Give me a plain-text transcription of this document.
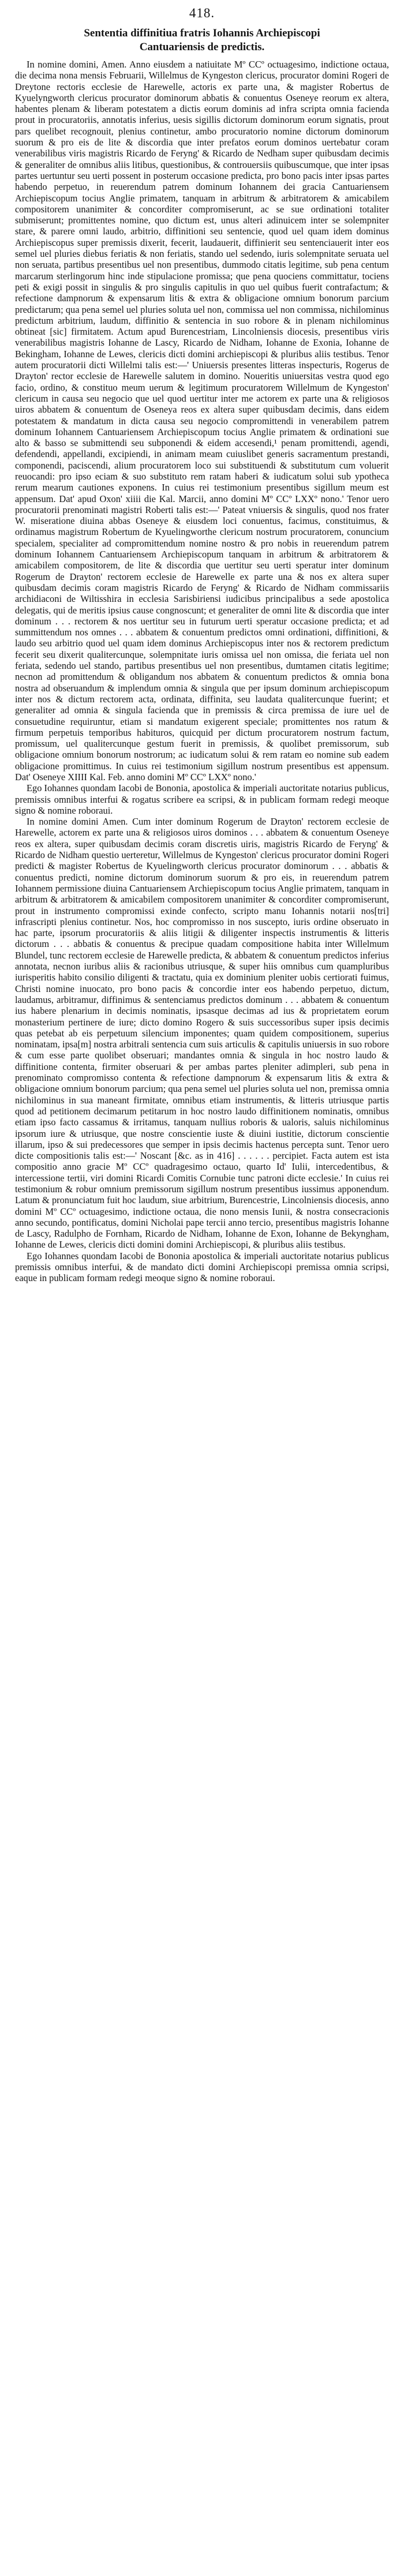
418.
Sententia diffinitiua fratris Iohannis Archiepiscopi
Cantuariensis de predictis.

In nomine domini, Amen. Anno eiusdem a natiuitate Mº CCº octuagesimo, indictione octaua, die decima nona mensis Februarii, Willelmus de Kyngeston clericus, procurator domini Rogeri de Dreytone rectoris ecclesie de Harewelle, actoris ex parte una, & magister Robertus de Kyuelyngworth clericus procurator dominorum abbatis & conuentus Oseneye reorum ex altera, habentes plenam & liberam potestatem a dictis eorum dominis ad infra scripta omnia facienda prout in procuratoriis, annotatis inferius, uesis sigillis dictorum dominorum eorum signatis, prout pars quelibet recognouit, plenius continetur, ambo procuratorio nomine dictorum dominorum suorum & pro eis de lite & discordia que inter prefatos eorum dominos uertebatur coram venerabilibus viris magistris Ricardo de Feryng' & Ricardo de Nedham super quibusdam decimis & generaliter de omnibus aliis litibus, questionibus, & controuersiis quibuscumque, que inter ipsas partes uertuntur seu uerti possent in posterum occasione predicta, pro bono pacis inter ipsas partes habendo perpetuo, in reuerendum patrem dominum Iohannem dei gracia Cantuariensem Archiepiscopum tocius Anglie primatem, tanquam in arbitrum & arbitratorem & amicabilem compositorem unanimiter & concorditer compromiserunt, ac se sue ordinationi totaliter submiserunt; promittentes nomine, quo dictum est, unus alteri adinuicem inter se solempniter stare, & parere omni laudo, arbitrio, diffinitioni seu sentencie, quod uel quam idem dominus Archiepiscopus super premissis dixerit, fecerit, laudauerit, diffinierit seu sentenciauerit inter eos semel uel pluries diebus feriatis & non feriatis, stando uel sedendo, iuris solempnitate seruata uel non seruata, partibus presentibus uel non presentibus, dummodo citatis legitime, sub pena centum marcarum sterlingorum hinc inde stipulacione promissa; que pena quociens committatur, tociens peti & exigi possit in singulis & pro singulis capitulis in quo uel quibus fuerit contrafactum; & refectione dampnorum & expensarum litis & extra & obligacione omnium bonorum parcium predictarum; qua pena semel uel pluries soluta uel non, commissa uel non commissa, nichilominus predictum arbitrium, laudum, diffinitio & sentencia in suo robore & in plenam nichilominus obtineat [sic] firmitatem. Actum apud Burencestriam, Lincolniensis diocesis, presentibus viris venerabilibus magistris Iohanne de Lascy, Ricardo de Nidham, Iohanne de Exonia, Iohanne de Bekingham, Iohanne de Lewes, clericis dicti domini archiepiscopi & pluribus aliis testibus. Tenor autem procuratorii dicti Willelmi talis est:—' Uniuersis presentes litteras inspecturis, Rogerus de Drayton' rector ecclesie de Harewelle salutem in domino. Noueritis uniuersitas vestra quod ego facio, ordino, & constituo meum uerum & legitimum procuratorem Willelmum de Kyngeston' clericum in causa seu negocio que uel quod uertitur inter me actorem ex parte una & religiosos uiros abbatem & conuentum de Oseneya reos ex altera super quibusdam decimis, dans eidem potestatem & mandatum in dicta causa seu negocio compromittendi in venerabilem patrem dominum Iohannem Cantuariensem Archiepiscopum tocius Anglie primatem & ordinationi sue alto & basso se submittendi seu subponendi & eidem accesendi,¹ penam promittendi, agendi, defendendi, appellandi, excipiendi, in animam meam cuiuslibet generis sacramentum prestandi, componendi, paciscendi, alium procuratorem loco sui substituendi & substitutum cum voluerit reuocandi: pro ipso eciam & suo substituto rem ratam haberi & iudicatum solui sub ypotheca rerum mearum cautiones exponens. In cuius rei testimonium presentibus sigillum meum est appensum. Dat' apud Oxon' xiiii die Kal. Marcii, anno domini Mº CCº LXXº nono.' Tenor uero procuratorii prenominati magistri Roberti talis est:—' Pateat vniuersis & singulis, quod nos frater W. miseratione diuina abbas Oseneye & eiusdem loci conuentus, facimus, constituimus, & ordinamus magistrum Robertum de Kyuelingworthe clericum nostrum procuratorem, conuncium specialem, specialiter ad compromittendum nomine nostro & pro nobis in reuerendum patrem dominum Iohannem Cantuariensem Archiepiscopum tanquam in arbitrum & arbitratorem & amicabilem compositorem, de lite & discordia que uertitur seu uerti speratur inter dominum Rogerum de Drayton' rectorem ecclesie de Harewelle ex parte una & nos ex altera super quibusdam decimis coram magistris Ricardo de Feryng' & Ricardo de Nidham commissariis archidiaconi de Wiltisshira in ecclesia Sarisbiriensi iudicibus principalibus a sede apostolica delegatis, qui de meritis ipsius cause congnoscunt; et generaliter de omni lite & discordia que inter dominum . . . rectorem & nos uertitur seu in futurum uerti speratur occasione predicta; et ad summittendum nos omnes . . . abbatem & conuentum predictos omni ordinationi, diffinitioni, & laudo seu arbitrio quod uel quam idem dominus Archiepiscopus inter nos & rectorem predictum fecerit seu dixerit qualitercunque, solempnitate iuris omissa uel non omissa, die feriata uel non feriata, sedendo uel stando, partibus presentibus uel non presentibus, dumtamen citatis legitime; necnon ad promittendum & obligandum nos abbatem & conuentum predictos & omnia bona nostra ad obseruandum & implendum omnia & singula que per ipsum dominum archiepiscopum inter nos & dictum rectorem acta, ordinata, diffinita, seu laudata qualitercunque fuerint; et generaliter ad omnia & singula facienda que in premissis & circa premissa de iure uel de consuetudine requiruntur, etiam si mandatum exigerent speciale; promittentes nos ratum & firmum perpetuis temporibus habituros, quicquid per dictum procuratorem nostrum factum, promissum, uel qualitercunque gestum fuerit in premissis, & quolibet premissorum, sub obligacione omnium bonorum nostrorum; ac iudicatum solui & rem ratam eo nomine sub eadem obligacione promittimus. In cuius rei testimonium sigillum nostrum presentibus est appensum. Dat' Oseneye XIIII Kal. Feb. anno domini Mº CCº LXXº nono.'

Ego Iohannes quondam Iacobi de Bononia, apostolica & imperiali auctoritate notarius publicus, premissis omnibus interfui & rogatus scribere ea scripsi, & in publicam formam redegi meoque signo & nomine roboraui.

In nomine domini Amen. Cum inter dominum Rogerum de Drayton' rectorem ecclesie de Harewelle, actorem ex parte una & religiosos uiros dominos . . . abbatem & conuentum Oseneye reos ex altera, super quibusdam decimis coram discretis uiris, magistris Ricardo de Feryng' & Ricardo de Nidham questio uerteretur, Willelmus de Kyngeston' clericus procurator domini Rogeri predicti & magister Robertus de Kyuelingworth clericus procurator dominorum . . . abbatis & conuentus predicti, nomine dictorum dominorum suorum & pro eis, in reuerendum patrem Iohannem permissione diuina Cantuariensem Archiepiscopum tocius Anglie primatem, tanquam in arbitrum & arbitratorem & amicabilem compositorem unanimiter & concorditer compromiserunt, prout in instrumento compromissi exinde confecto, scripto manu Iohannis notarii nos[tri] infrascripti plenius continetur. Nos, hoc compromisso in nos suscepto, iuris ordine obseruato in hac parte, ipsorum procuratoriis & aliis litigii & diligenter inspectis instrumentis & litteris dictorum . . . abbatis & conuentus & precipue quadam compositione habita inter Willelmum Blundel, tunc rectorem ecclesie de Harewelle predicta, & abbatem & conuentum predictos inferius annotata, necnon iuribus aliis & racionibus utriusque, & super hiis omnibus cum quampluribus iurisperitis habito consilio diligenti & tractatu, quia ex dominium pleniter uobis certiorati fuimus, Christi nomine inuocato, pro bono pacis & concordie inter eos habendo perpetuo, dictum, laudamus, arbitramur, diffinimus & sentenciamus predictos dominum . . . abbatem & conuentum ius habere plenarium in decimis nominatis, ipsasque decimas ad ius & proprietatem eorum monasterium pertinere de iure; dicto domino Rogero & suis successoribus super ipsis decimis quas petebat ab eis perpetuum silencium imponentes; quam quidem compositionem, superius nominatam, ipsa[m] nostra arbitrali sentencia cum suis articulis & capitulis uniuersis in suo robore & cum esse parte quolibet obseruari; mandantes omnia & singula in hoc nostro laudo & diffinitione contenta, firmiter obseruari & per ambas partes pleniter adimpleri, sub pena in prenominato compromisso contenta & refectione dampnorum & expensarum litis & extra & obligacione omnium bonorum parcium; qua pena semel uel pluries soluta uel non, premissa omnia nichilominus in sua maneant firmitate, omnibus etiam instrumentis, & litteris utriusque partis quod ad petitionem decimarum petitarum in hoc nostro laudo diffinitionem nominatis, omnibus etiam ipso facto cassamus & irritamus, tanquam nullius roboris & ualoris, saluis nichilominus ipsorum iure & utriusque, que nostre conscientie iuste & diuini iustitie, dictorum conscientie illarum, ipso & sui predecessores que semper in ipsis decimis hactenus percepta sunt. Tenor uero dicte compositionis talis est:—' Noscant [&c. as in 416] . . . . . . percipiet. Facta autem est ista compositio anno gracie Mº CCº quadragesimo octauo, quarto Id' Iulii, intercedentibus, & intercessione tertii, viri domini Ricardi Comitis Cornubie tunc patroni dicte ecclesie.' In cuius rei testimonium & robur omnium premissorum sigillum nostrum presentibus iussimus apponendum. Latum & pronunciatum fuit hoc laudum, siue arbitrium, Burencestrie, Lincolniensis diocesis, anno domini Mº CCº octuagesimo, indictione octaua, die nono mensis Iunii, & nostra consecracionis anno secundo, pontificatus, domini Nicholai pape tercii anno tercio, presentibus magistris Iohanne de Lascy, Radulpho de Fornham, Ricardo de Nidham, Iohanne de Exon, Iohanne de Bekyngham, Iohanne de Lewes, clericis dicti domini domini Archiepiscopi, & pluribus aliis testibus.

Ego Iohannes quondam Iacobi de Bononia apostolica & imperiali auctoritate notarius publicus premissis omnibus interfui, & de mandato dicti domini Archiepiscopi premissa omnia scripsi, eaque in publicam formam redegi meoque signo & nomine roboraui.
